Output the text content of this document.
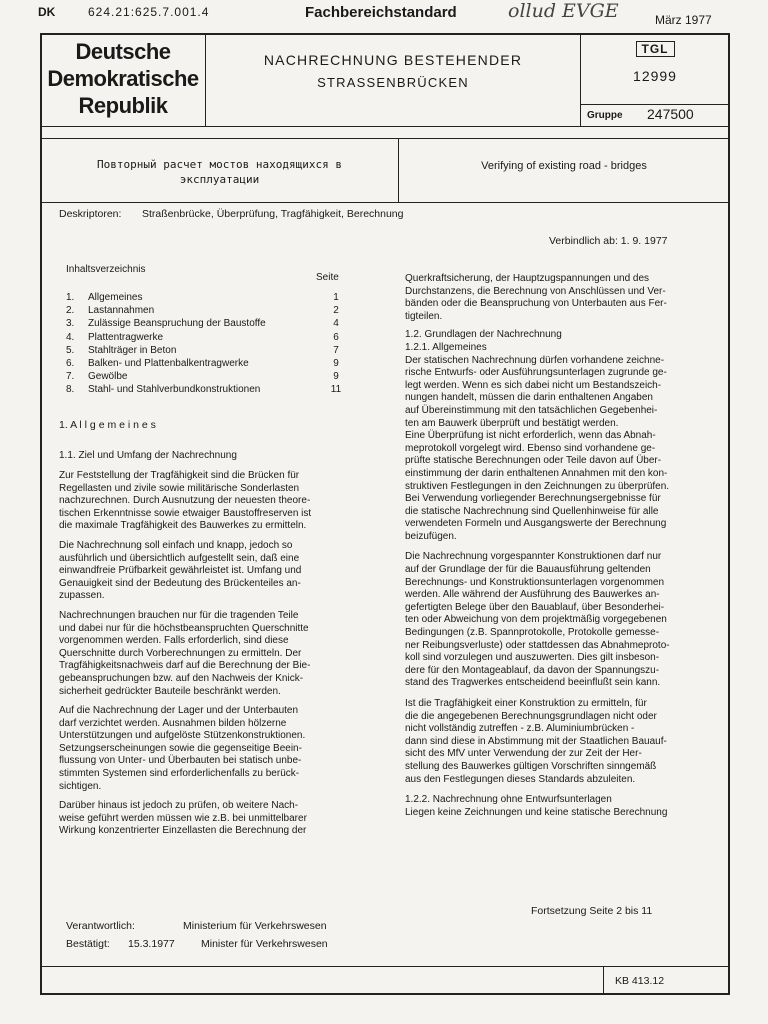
DK	624.21:625.7.001.4	Fachbereichstandard	ollud EVGE	März 1977
Deutsche
Demokratische
Republik
NACHRECHNUNG BESTEHENDER
STRASSENBRÜCKEN
TGL
12999
Gruppe 247500
Повторный расчет мостов находящихся в
эксплуатации
Verifying of existing road - bridges
Deskriptoren: Straßenbrücke, Überprüfung, Tragfähigkeit, Berechnung
Verbindlich ab: 1. 9. 1977
Inhaltsverzeichnis
Seite
1. Allgemeines	1
2. Lastannahmen	2
3. Zulässige Beanspruchung der Baustoffe	4
4. Plattentragwerke	6
5. Stahlträger in Beton	7
6. Balken- und Plattenbalkentragwerke	9
7. Gewölbe	9
8. Stahl- und Stahlverbundkonstruktionen	11
1. A l l g e m e i n e s
1.1. Ziel und Umfang der Nachrechnung
Zur Feststellung der Tragfähigkeit sind die Brücken für
Regellasten und zivile sowie militärische Sonderlasten
nachzurechnen. Durch Ausnutzung der neuesten theore-
tischen Erkenntnisse sowie etwaiger Baustoffreserven ist
die maximale Tragfähigkeit des Bauwerkes zu ermitteln.
Die Nachrechnung soll einfach und knapp, jedoch so
ausführlich und übersichtlich aufgestellt sein, daß eine
einwandfreie Prüfbarkeit gewährleistet ist. Umfang und
Genauigkeit sind der Bedeutung des Brückenteiles an-
zupassen.
Nachrechnungen brauchen nur für die tragenden Teile
und dabei nur für die höchstbeanspruchten Querschnitte
vorgenommen werden. Falls erforderlich, sind diese
Querschnitte durch Vorberechnungen zu ermitteln. Der
Tragfähigkeitsnachweis darf auf die Berechnung der Bie-
gebeanspruchungen bzw. auf den Nachweis der Knick-
sicherheit gedrückter Bauteile beschränkt werden.
Auf die Nachrechnung der Lager und der Unterbauten
darf verzichtet werden. Ausnahmen bilden hölzerne
Unterstützungen und aufgelöste Stützenkonstruktionen.
Setzungserscheinungen sowie die gegenseitige Beein-
flussung von Unter- und Überbauten bei statisch unbe-
stimmten Systemen sind erforderlichenfalls zu berück-
sichtigen.
Darüber hinaus ist jedoch zu prüfen, ob weitere Nach-
weise geführt werden müssen wie z.B. bei unmittelbarer
Wirkung konzentrierter Einzellasten die Berechnung der
Querkraftsicherung, der Hauptzugspannungen und des
Durchstanzens, die Berechnung von Anschlüssen und Ver-
bänden oder die Beanspruchung von Unterbauten aus Fer-
tigteilen.
1.2. Grundlagen der Nachrechnung
1.2.1. Allgemeines
Der statischen Nachrechnung dürfen vorhandene zeichne-
rische Entwurfs- oder Ausführungsunterlagen zugrunde ge-
legt werden. Wenn es sich dabei nicht um Bestandszeich-
nungen handelt, müssen die darin enthaltenen Angaben
auf Übereinstimmung mit den tatsächlichen Gegebenhei-
ten am Bauwerk überprüft und bestätigt werden.
Eine Überprüfung ist nicht erforderlich, wenn das Abnah-
meprotokoll vorgelegt wird. Ebenso sind vorhandene ge-
prüfte statische Berechnungen oder Teile davon auf Über-
einstimmung der darin enthaltenen Annahmen mit den kon-
struktiven Festlegungen in den Zeichnungen zu überprüfen.
Bei Verwendung vorliegender Berechnungsergebnisse für
die statische Nachrechnung sind Quellenhinweise für alle
verwendeten Formeln und Ausgangswerte der Berechnung
beizufügen.
Die Nachrechnung vorgespannter Konstruktionen darf nur
auf der Grundlage der für die Bauausführung geltenden
Berechnungs- und Konstruktionsunterlagen vorgenommen
werden. Alle während der Ausführung des Bauwerkes an-
gefertigten Belege über den Bauablauf, über Besonderhei-
ten oder Abweichung von dem projektmäßig vorgegebenen
Bedingungen (z.B. Spannprotokolle, Protokolle gemesse-
ner Reibungsverluste) oder stattdessen das Abnahmeproto-
koll sind vorzulegen und auszuwerten. Dies gilt insbeson-
dere für den Montageablauf, da davon der Spannungszu-
stand des Tragwerkes entscheidend beeinflußt sein kann.
Ist die Tragfähigkeit einer Konstruktion zu ermitteln, für
die die angegebenen Berechnungsgrundlagen nicht oder
nicht vollständig zutreffen - z.B. Aluminiumbrücken -
dann sind diese in Abstimmung mit der Staatlichen Bauauf-
sicht des MfV unter Verwendung der zur Zeit der Her-
stellung des Bauwerkes gültigen Vorschriften sinngemäß
aus den Festlegungen dieses Standards abzuleiten.
1.2.2. Nachrechnung ohne Entwurfsunterlagen
Liegen keine Zeichnungen und keine statische Berechnung
Fortsetzung Seite 2 bis 11
Verantwortlich:	Ministerium für Verkehrswesen
Bestätigt: 15.3.1977	Minister für Verkehrswesen
KB 413.12
